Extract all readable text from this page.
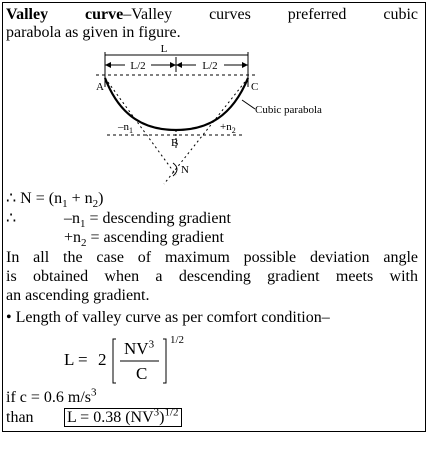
Valley curve–Valley curves preferred cubic
parabola as given in figure.
L
L/2	L/2
A	C
Cubic parabola
$-n_1$	$+n_2$
B
N
∴ $N = (n_1 + n_2)$
∴	$-n_1$ = descending gradient
$+n_2$ = ascending gradient
In all the case of maximum possible deviation angle
is obtained when a descending gradient meets with
an ascending gradient.
• Length of valley curve as per comfort condition–
L = 2
$NV^3$
C
1/2
if c = 0.6 $m/s^3$
than L = 0.38 $(NV^3)^{1/2}$
